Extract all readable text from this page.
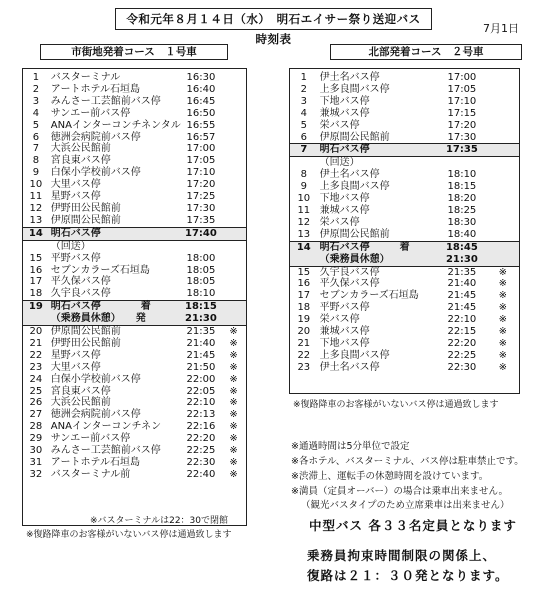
令和元年８月１４日（水）　明石エイサー祭り送迎バス　時刻表
7月1日
市街地発着コース　１号車
1	バスターミナル	16:30	
2	アートホテル石垣島	16:40	
3	みんさー工芸館前バス停	16:45	
4	サンエー前バス停	16:50	
5	ANAインターコンチネンタル	16:55	
6	徳洲会病院前バス停	16:57	
7	大浜公民館前	17:00	
8	宮良東バス停	17:05	
9	白保小学校前バス停	17:10	
10	大里バス停	17:20	
11	星野バス停	17:25	
12	伊野田公民館前	17:30	
13	伊原間公民館前	17:35	
14	明石バス停	17:40	
	（回送）		
15	平野バス停	18:00	
16	セブンカラーズ石垣島	18:05	
17	平久保バス停	18:05	
18	久宇良バス停	18:10	
19	明石バス停　　　　着	18:15	
	（乗務員休憩）　　発	21:30	
20	伊原間公民館前	21:35	※
21	伊野田公民館前	21:40	※
22	星野バス停	21:45	※
23	大里バス停	21:50	※
24	白保小学校前バス停	22:00	※
25	宮良東バス停	22:05	※
26	大浜公民館前	22:10	※
27	徳洲会病院前バス停	22:13	※
28	ANAインターコンチネン	22:16	※
29	サンエー前バス停	22:20	※
30	みんさー工芸館前バス停	22:25	※
31	アートホテル石垣島	22:30	※
32	バスターミナル前	22:40	※
※バスターミナルは22：30で閉館
※復路降車のお客様がいないバス停は通過致します
北部発着コース　２号車
1	伊土名バス停	17:00	
2	上多良間バス停	17:05	
3	下地バス停	17:10	
4	兼城バス停	17:15	
5	栄バス停	17:20	
6	伊原間公民館前	17:30	
7	明石バス停	17:35	
	（回送）		
8	伊土名バス停	18:10	
9	上多良間バス停	18:15	
10	下地バス停	18:20	
11	兼城バス停	18:25	
12	栄バス停	18:30	
13	伊原間公民館前	18:40	
14	明石バス停　　　着	18:45	
	（乗務員休憩）	21:30	
15	久宇良バス停	21:35	※
16	平久保バス停	21:40	※
17	セブンカラーズ石垣島	21:45	※
18	平野バス停	21:45	※
19	栄バス停	22:10	※
20	兼城バス停	22:15	※
21	下地バス停	22:20	※
22	上多良間バス停	22:25	※
23	伊土名バス停	22:30	※
※復路降車のお客様がいないバス停は通過致します
※通過時間は5分単位で設定
※各ホテル、バスターミナル、バス停は駐車禁止です。
※渋滞上、運転手の休憩時間を設けています。
※満員（定員オーバー）の場合は乗車出来ません。
（観光バスタイプのため立席乗車は出来ません）
中型バス 各３３名定員となります
乗務員拘束時間制限の関係上、
復路は２１：３０発となります。
